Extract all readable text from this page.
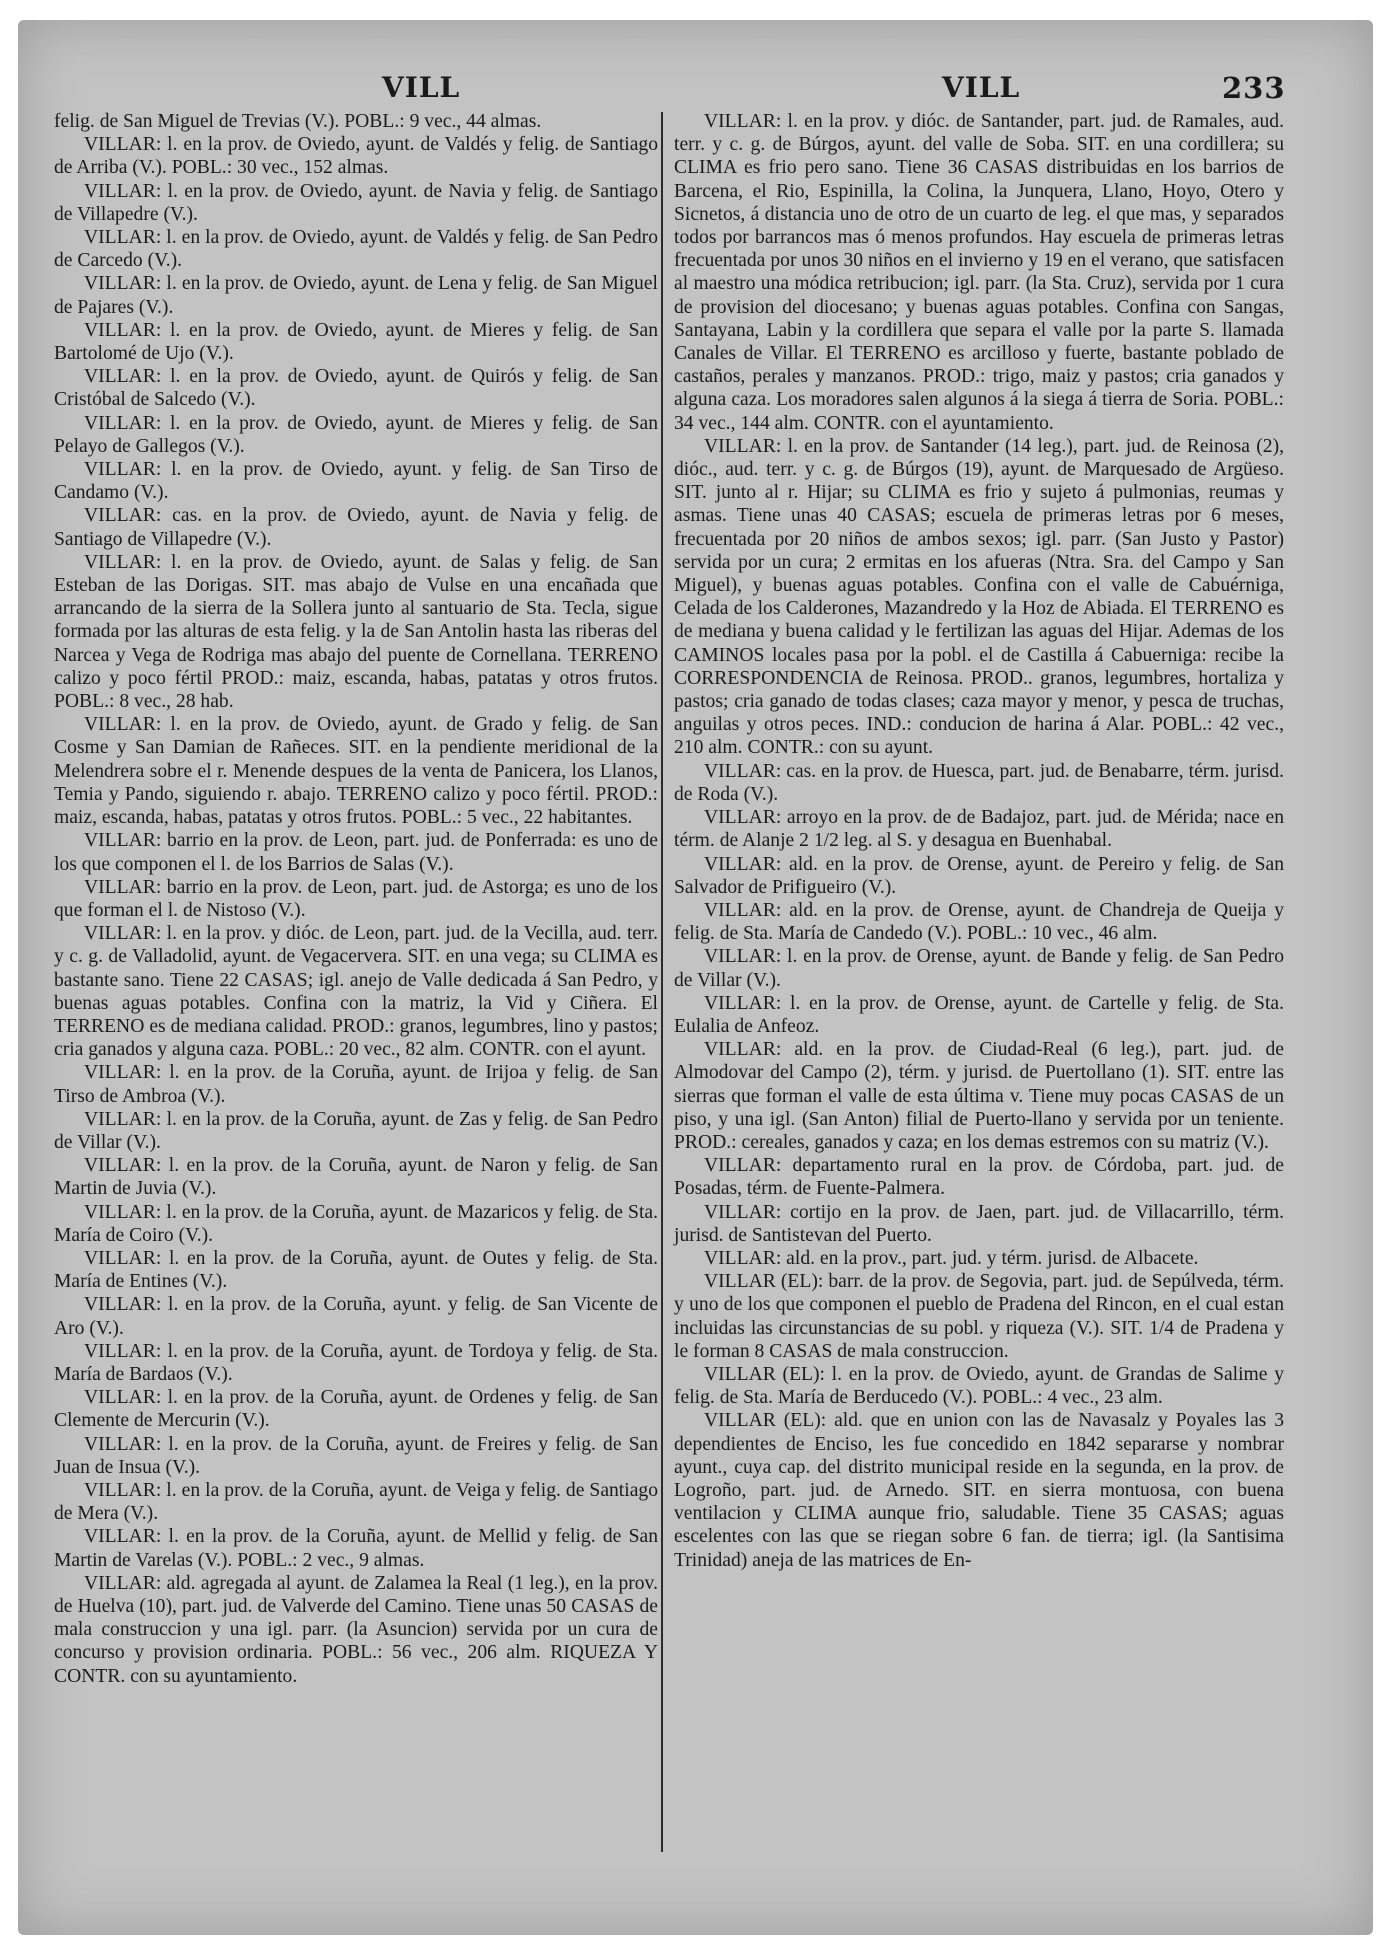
VILL	VILL	233

felig. de San Miguel de Trevias (V.). POBL.: 9 vec., 44 almas.

VILLAR: l. en la prov. de Oviedo, ayunt. de Valdés y felig. de Santiago de Arriba (V.). POBL.: 30 vec., 152 almas.

VILLAR: l. en la prov. de Oviedo, ayunt. de Navia y felig. de Santiago de Villapedre (V.).

VILLAR: l. en la prov. de Oviedo, ayunt. de Valdés y felig. de San Pedro de Carcedo (V.).

VILLAR: l. en la prov. de Oviedo, ayunt. de Lena y felig. de San Miguel de Pajares (V.).

VILLAR: l. en la prov. de Oviedo, ayunt. de Mieres y felig. de San Bartolomé de Ujo (V.).

VILLAR: l. en la prov. de Oviedo, ayunt. de Quirós y felig. de San Cristóbal de Salcedo (V.).

VILLAR: l. en la prov. de Oviedo, ayunt. de Mieres y felig. de San Pelayo de Gallegos (V.).

VILLAR: l. en la prov. de Oviedo, ayunt. y felig. de San Tirso de Candamo (V.).

VILLAR: cas. en la prov. de Oviedo, ayunt. de Navia y felig. de Santiago de Villapedre (V.).

VILLAR: l. en la prov. de Oviedo, ayunt. de Salas y felig. de San Esteban de las Dorigas. SIT. mas abajo de Vulse en una encañada que arrancando de la sierra de la Sollera junto al santuario de Sta. Tecla, sigue formada por las alturas de esta felig. y la de San Antolin hasta las riberas del Narcea y Vega de Rodriga mas abajo del puente de Cornellana. TERRENO calizo y poco fértil PROD.: maiz, escanda, habas, patatas y otros frutos. POBL.: 8 vec., 28 hab.

VILLAR: l. en la prov. de Oviedo, ayunt. de Grado y felig. de San Cosme y San Damian de Rañeces. SIT. en la pendiente meridional de la Melendrera sobre el r. Menende despues de la venta de Panicera, los Llanos, Temia y Pando, siguiendo r. abajo. TERRENO calizo y poco fértil. PROD.: maiz, escanda, habas, patatas y otros frutos. POBL.: 5 vec., 22 habitantes.

VILLAR: barrio en la prov. de Leon, part. jud. de Ponferrada: es uno de los que componen el l. de los Barrios de Salas (V.).

VILLAR: barrio en la prov. de Leon, part. jud. de Astorga; es uno de los que forman el l. de Nistoso (V.).

VILLAR: l. en la prov. y dióc. de Leon, part. jud. de la Vecilla, aud. terr. y c. g. de Valladolid, ayunt. de Vegacervera. SIT. en una vega; su CLIMA es bastante sano. Tiene 22 CASAS; igl. anejo de Valle dedicada á San Pedro, y buenas aguas potables. Confina con la matriz, la Vid y Ciñera. El TERRENO es de mediana calidad. PROD.: granos, legumbres, lino y pastos; cria ganados y alguna caza. POBL.: 20 vec., 82 alm. CONTR. con el ayunt.

VILLAR: l. en la prov. de la Coruña, ayunt. de Irijoa y felig. de San Tirso de Ambroa (V.).

VILLAR: l. en la prov. de la Coruña, ayunt. de Zas y felig. de San Pedro de Villar (V.).

VILLAR: l. en la prov. de la Coruña, ayunt. de Naron y felig. de San Martin de Juvia (V.).

VILLAR: l. en la prov. de la Coruña, ayunt. de Mazaricos y felig. de Sta. María de Coiro (V.).

VILLAR: l. en la prov. de la Coruña, ayunt. de Outes y felig. de Sta. María de Entines (V.).

VILLAR: l. en la prov. de la Coruña, ayunt. y felig. de San Vicente de Aro (V.).

VILLAR: l. en la prov. de la Coruña, ayunt. de Tordoya y felig. de Sta. María de Bardaos (V.).

VILLAR: l. en la prov. de la Coruña, ayunt. de Ordenes y felig. de San Clemente de Mercurin (V.).

VILLAR: l. en la prov. de la Coruña, ayunt. de Freires y felig. de San Juan de Insua (V.).

VILLAR: l. en la prov. de la Coruña, ayunt. de Veiga y felig. de Santiago de Mera (V.).

VILLAR: l. en la prov. de la Coruña, ayunt. de Mellid y felig. de San Martin de Varelas (V.). POBL.: 2 vec., 9 almas.

VILLAR: ald. agregada al ayunt. de Zalamea la Real (1 leg.), en la prov. de Huelva (10), part. jud. de Valverde del Camino. Tiene unas 50 CASAS de mala construccion y una igl. parr. (la Asuncion) servida por un cura de concurso y provision ordinaria. POBL.: 56 vec., 206 alm. RIQUEZA Y CONTR. con su ayuntamiento.

VILLAR: l. en la prov. y dióc. de Santander, part. jud. de Ramales, aud. terr. y c. g. de Búrgos, ayunt. del valle de Soba. SIT. en una cordillera; su CLIMA es frio pero sano. Tiene 36 CASAS distribuidas en los barrios de Barcena, el Rio, Espinilla, la Colina, la Junquera, Llano, Hoyo, Otero y Sicnetos, á distancia uno de otro de un cuarto de leg. el que mas, y separados todos por barrancos mas ó menos profundos. Hay escuela de primeras letras frecuentada por unos 30 niños en el invierno y 19 en el verano, que satisfacen al maestro una módica retribucion; igl. parr. (la Sta. Cruz), servida por 1 cura de provision del diocesano; y buenas aguas potables. Confina con Sangas, Santayana, Labin y la cordillera que separa el valle por la parte S. llamada Canales de Villar. El TERRENO es arcilloso y fuerte, bastante poblado de castaños, perales y manzanos. PROD.: trigo, maiz y pastos; cria ganados y alguna caza. Los moradores salen algunos á la siega á tierra de Soria. POBL.: 34 vec., 144 alm. CONTR. con el ayuntamiento.

VILLAR: l. en la prov. de Santander (14 leg.), part. jud. de Reinosa (2), dióc., aud. terr. y c. g. de Búrgos (19), ayunt. de Marquesado de Argüeso. SIT. junto al r. Hijar; su CLIMA es frio y sujeto á pulmonias, reumas y asmas. Tiene unas 40 CASAS; escuela de primeras letras por 6 meses, frecuentada por 20 niños de ambos sexos; igl. parr. (San Justo y Pastor) servida por un cura; 2 ermitas en los afueras (Ntra. Sra. del Campo y San Miguel), y buenas aguas potables. Confina con el valle de Cabuérniga, Celada de los Calderones, Mazandredo y la Hoz de Abiada. El TERRENO es de mediana y buena calidad y le fertilizan las aguas del Hijar. Ademas de los CAMINOS locales pasa por la pobl. el de Castilla á Cabuerniga: recibe la CORRESPONDENCIA de Reinosa. PROD.. granos, legumbres, hortaliza y pastos; cria ganado de todas clases; caza mayor y menor, y pesca de truchas, anguilas y otros peces. IND.: conducion de harina á Alar. POBL.: 42 vec., 210 alm. CONTR.: con su ayunt.

VILLAR: cas. en la prov. de Huesca, part. jud. de Benabarre, térm. jurisd. de Roda (V.).

VILLAR: arroyo en la prov. de de Badajoz, part. jud. de Mérida; nace en térm. de Alanje 2 1/2 leg. al S. y desagua en Buenhabal.

VILLAR: ald. en la prov. de Orense, ayunt. de Pereiro y felig. de San Salvador de Prifigueiro (V.).

VILLAR: ald. en la prov. de Orense, ayunt. de Chandreja de Queija y felig. de Sta. María de Candedo (V.). POBL.: 10 vec., 46 alm.

VILLAR: l. en la prov. de Orense, ayunt. de Bande y felig. de San Pedro de Villar (V.).

VILLAR: l. en la prov. de Orense, ayunt. de Cartelle y felig. de Sta. Eulalia de Anfeoz.

VILLAR: ald. en la prov. de Ciudad-Real (6 leg.), part. jud. de Almodovar del Campo (2), térm. y jurisd. de Puertollano (1). SIT. entre las sierras que forman el valle de esta última v. Tiene muy pocas CASAS de un piso, y una igl. (San Anton) filial de Puerto-llano y servida por un teniente. PROD.: cereales, ganados y caza; en los demas estremos con su matriz (V.).

VILLAR: departamento rural en la prov. de Córdoba, part. jud. de Posadas, térm. de Fuente-Palmera.

VILLAR: cortijo en la prov. de Jaen, part. jud. de Villacarrillo, térm. jurisd. de Santistevan del Puerto.

VILLAR: ald. en la prov., part. jud. y térm. jurisd. de Albacete.

VILLAR (EL): barr. de la prov. de Segovia, part. jud. de Sepúlveda, térm. y uno de los que componen el pueblo de Pradena del Rincon, en el cual estan incluidas las circunstancias de su pobl. y riqueza (V.). SIT. 1/4 de Pradena y le forman 8 CASAS de mala construccion.

VILLAR (EL): l. en la prov. de Oviedo, ayunt. de Grandas de Salime y felig. de Sta. María de Berducedo (V.). POBL.: 4 vec., 23 alm.

VILLAR (EL): ald. que en union con las de Navasalz y Poyales las 3 dependientes de Enciso, les fue concedido en 1842 separarse y nombrar ayunt., cuya cap. del distrito municipal reside en la segunda, en la prov. de Logroño, part. jud. de Arnedo. SIT. en sierra montuosa, con buena ventilacion y CLIMA aunque frio, saludable. Tiene 35 CASAS; aguas escelentes con las que se riegan sobre 6 fan. de tierra; igl. (la Santisima Trinidad) aneja de las matrices de En-
